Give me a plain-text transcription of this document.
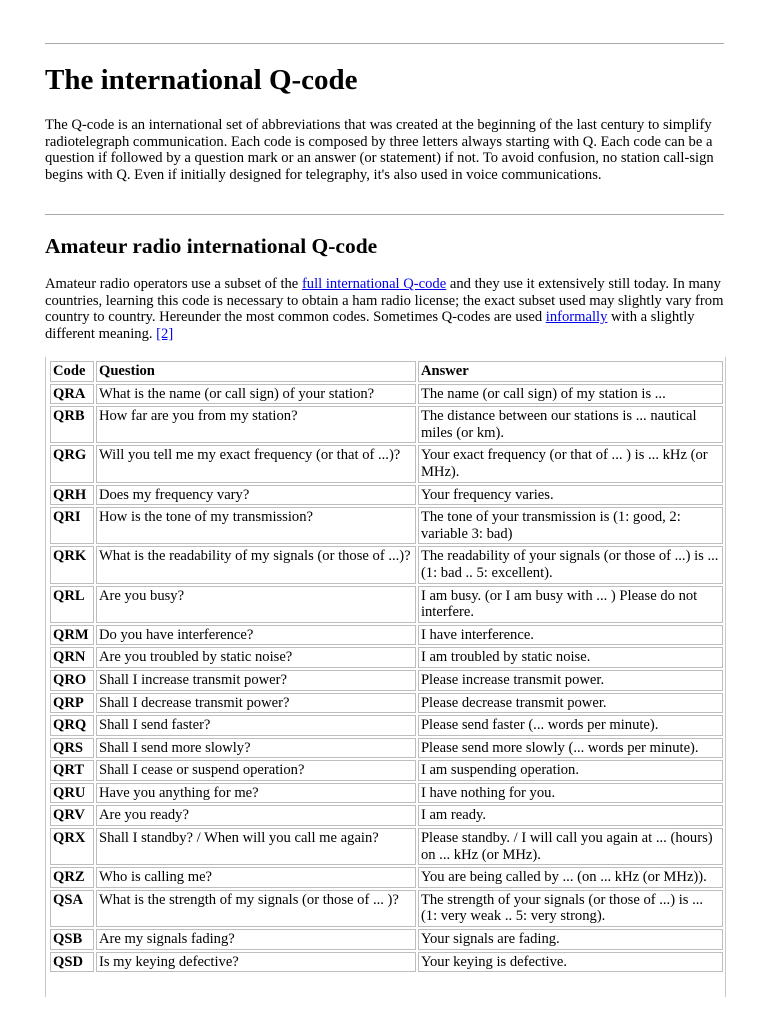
The international Q-code

The Q-code is an international set of abbreviations that was created at the beginning of the last century to simplify radiotelegraph communication. Each code is composed by three letters always starting with Q. Each code can be a question if followed by a question mark or an answer (or statement) if not. To avoid confusion, no station call-sign begins with Q. Even if initially designed for telegraphy, it's also used in voice communications.

Amateur radio international Q-code

Amateur radio operators use a subset of the full international Q-code and they use it extensively still today. In many countries, learning this code is necessary to obtain a ham radio license; the exact subset used may slightly vary from country to country. Hereunder the most common codes. Sometimes Q-codes are used informally with a slightly different meaning. [2]

Code	Question	Answer
QRA	What is the name (or call sign) of your station?	The name (or call sign) of my station is ...
QRB	How far are you from my station?	The distance between our stations is ... nautical miles (or km).
QRG	Will you tell me my exact frequency (or that of ...)?	Your exact frequency (or that of ... ) is ... kHz (or MHz).
QRH	Does my frequency vary?	Your frequency varies.
QRI	How is the tone of my transmission?	The tone of your transmission is (1: good, 2: variable 3: bad)
QRK	What is the readability of my signals (or those of ...)?	The readability of your signals (or those of ...) is ... (1: bad .. 5: excellent).
QRL	Are you busy?	I am busy. (or I am busy with ... ) Please do not interfere.
QRM	Do you have interference?	I have interference.
QRN	Are you troubled by static noise?	I am troubled by static noise.
QRO	Shall I increase transmit power?	Please increase transmit power.
QRP	Shall I decrease transmit power?	Please decrease transmit power.
QRQ	Shall I send faster?	Please send faster (... words per minute).
QRS	Shall I send more slowly?	Please send more slowly (... words per minute).
QRT	Shall I cease or suspend operation?	I am suspending operation.
QRU	Have you anything for me?	I have nothing for you.
QRV	Are you ready?	I am ready.
QRX	Shall I standby? / When will you call me again?	Please standby. / I will call you again at ... (hours) on ... kHz (or MHz).
QRZ	Who is calling me?	You are being called by ... (on ... kHz (or MHz)).
QSA	What is the strength of my signals (or those of ... )?	The strength of your signals (or those of ...) is ... (1: very weak .. 5: very strong).
QSB	Are my signals fading?	Your signals are fading.
QSD	Is my keying defective?	Your keying is defective.
